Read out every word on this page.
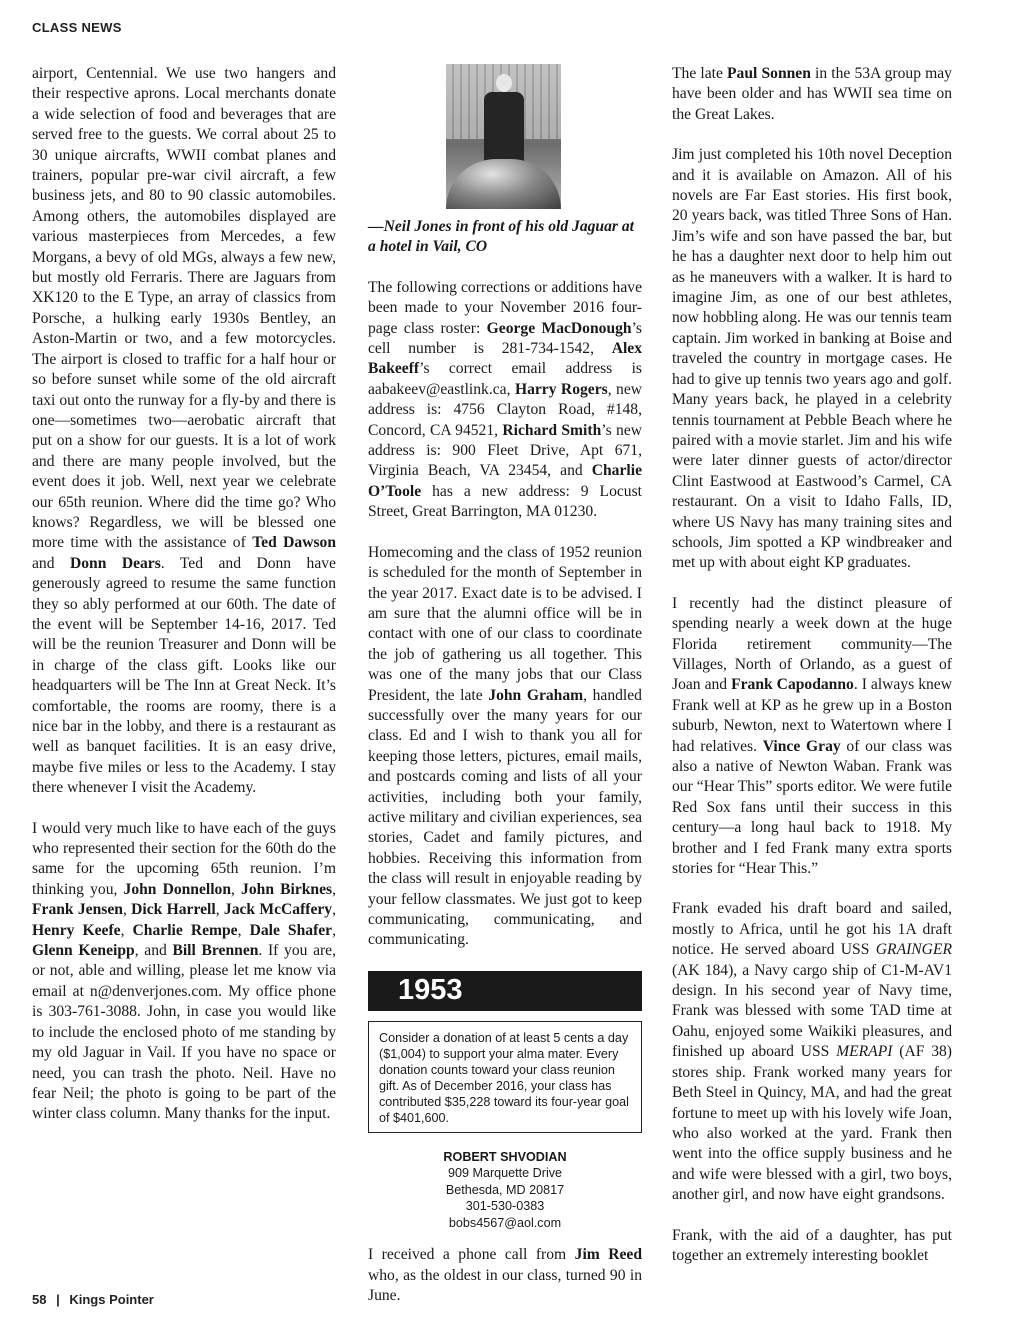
CLASS NEWS

airport, Centennial. We use two hangers and their respective aprons. Local merchants donate a wide selection of food and beverages that are served free to the guests. We corral about 25 to 30 unique aircrafts, WWII combat planes and trainers, popular pre-war civil aircraft, a few business jets, and 80 to 90 classic automobiles. Among others, the automobiles displayed are various masterpieces from Mercedes, a few Morgans, a bevy of old MGs, always a few new, but mostly old Ferraris. There are Jaguars from XK120 to the E Type, an array of classics from Porsche, a hulking early 1930s Bentley, an Aston-Martin or two, and a few motorcycles. The airport is closed to traffic for a half hour or so before sunset while some of the old aircraft taxi out onto the runway for a fly-by and there is one—sometimes two—aerobatic aircraft that put on a show for our guests. It is a lot of work and there are many people involved, but the event does it job. Well, next year we celebrate our 65th reunion. Where did the time go? Who knows? Regardless, we will be blessed one more time with the assistance of Ted Dawson and Donn Dears. Ted and Donn have generously agreed to resume the same function they so ably performed at our 60th. The date of the event will be September 14-16, 2017. Ted will be the reunion Treasurer and Donn will be in charge of the class gift. Looks like our headquarters will be The Inn at Great Neck. It’s comfortable, the rooms are roomy, there is a nice bar in the lobby, and there is a restaurant as well as banquet facilities. It is an easy drive, maybe five miles or less to the Academy. I stay there whenever I visit the Academy.

I would very much like to have each of the guys who represented their section for the 60th do the same for the upcoming 65th reunion. I’m thinking you, John Donnellon, John Birknes, Frank Jensen, Dick Harrell, Jack McCaffery, Henry Keefe, Charlie Rempe, Dale Shafer, Glenn Keneipp, and Bill Brennen. If you are, or not, able and willing, please let me know via email at n@denverjones.com. My office phone is 303-761-3088. John, in case you would like to include the enclosed photo of me standing by my old Jaguar in Vail. If you have no space or need, you can trash the photo. Neil. Have no fear Neil; the photo is going to be part of the winter class column. Many thanks for the input.

—Neil Jones in front of his old Jaguar at a hotel in Vail, CO

The following corrections or additions have been made to your November 2016 four-page class roster: George MacDonough’s cell number is 281-734-1542, Alex Bakeeff’s correct email address is aabakeev@eastlink.ca, Harry Rogers, new address is: 4756 Clayton Road, #148, Concord, CA 94521, Richard Smith’s new address is: 900 Fleet Drive, Apt 671, Virginia Beach, VA 23454, and Charlie O’Toole has a new address: 9 Locust Street, Great Barrington, MA 01230.

Homecoming and the class of 1952 reunion is scheduled for the month of September in the year 2017. Exact date is to be advised. I am sure that the alumni office will be in contact with one of our class to coordinate the job of gathering us all together. This was one of the many jobs that our Class President, the late John Graham, handled successfully over the many years for our class. Ed and I wish to thank you all for keeping those letters, pictures, email mails, and postcards coming and lists of all your activities, including both your family, active military and civilian experiences, sea stories, Cadet and family pictures, and hobbies. Receiving this information from the class will result in enjoyable reading by your fellow classmates. We just got to keep communicating, communicating, and communicating.

1953
Consider a donation of at least 5 cents a day ($1,004) to support your alma mater. Every donation counts toward your class reunion gift. As of December 2016, your class has contributed $35,228 toward its four-year goal of $401,600.
ROBERT SHVODIAN
909 Marquette Drive
Bethesda, MD 20817
301-530-0383
bobs4567@aol.com

I received a phone call from Jim Reed who, as the oldest in our class, turned 90 in June.

The late Paul Sonnen in the 53A group may have been older and has WWII sea time on the Great Lakes.

Jim just completed his 10th novel Deception and it is available on Amazon. All of his novels are Far East stories. His first book, 20 years back, was titled Three Sons of Han. Jim’s wife and son have passed the bar, but he has a daughter next door to help him out as he maneuvers with a walker. It is hard to imagine Jim, as one of our best athletes, now hobbling along. He was our tennis team captain. Jim worked in banking at Boise and traveled the country in mortgage cases. He had to give up tennis two years ago and golf. Many years back, he played in a celebrity tennis tournament at Pebble Beach where he paired with a movie starlet. Jim and his wife were later dinner guests of actor/director Clint Eastwood at Eastwood’s Carmel, CA restaurant. On a visit to Idaho Falls, ID, where US Navy has many training sites and schools, Jim spotted a KP windbreaker and met up with about eight KP graduates.

I recently had the distinct pleasure of spending nearly a week down at the huge Florida retirement community—The Villages, North of Orlando, as a guest of Joan and Frank Capodanno. I always knew Frank well at KP as he grew up in a Boston suburb, Newton, next to Watertown where I had relatives. Vince Gray of our class was also a native of Newton Waban. Frank was our “Hear This” sports editor. We were futile Red Sox fans until their success in this century—a long haul back to 1918. My brother and I fed Frank many extra sports stories for “Hear This.”

Frank evaded his draft board and sailed, mostly to Africa, until he got his 1A draft notice. He served aboard USS GRAINGER (AK 184), a Navy cargo ship of C1-M-AV1 design. In his second year of Navy time, Frank was blessed with some TAD time at Oahu, enjoyed some Waikiki pleasures, and finished up aboard USS MERAPI (AF 38) stores ship. Frank worked many years for Beth Steel in Quincy, MA, and had the great fortune to meet up with his lovely wife Joan, who also worked at the yard. Frank then went into the office supply business and he and wife were blessed with a girl, two boys, another girl, and now have eight grandsons.

Frank, with the aid of a daughter, has put together an extremely interesting booklet

58 | Kings Pointer
